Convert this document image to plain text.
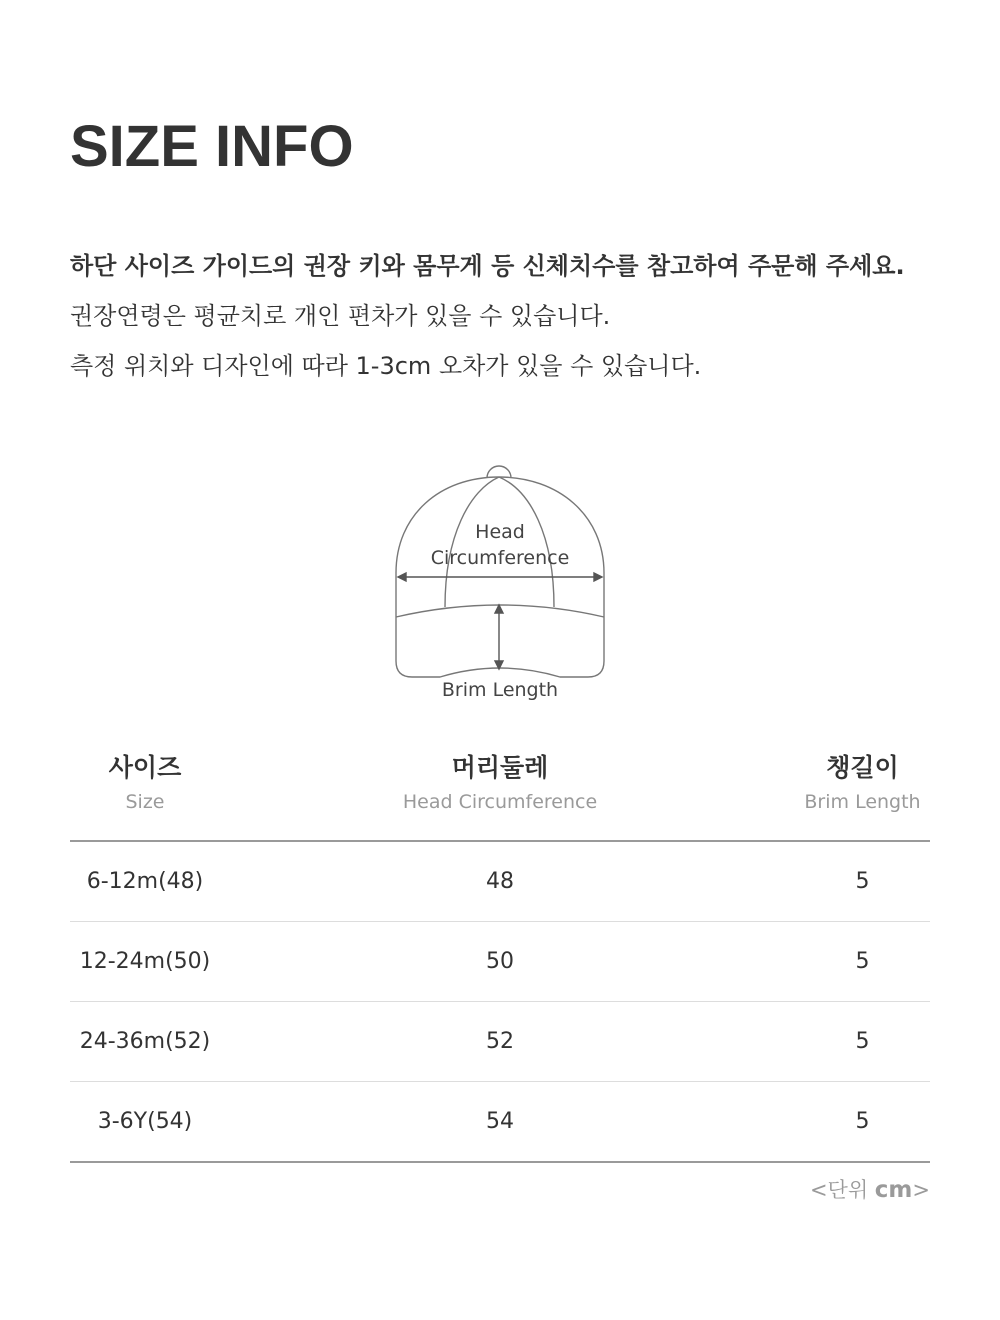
SIZE INFO
하단 사이즈 가이드의 권장 키와 몸무게 등 신체치수를 참고하여 주문해 주세요.
권장연령은 평균치로 개인 편차가 있을 수 있습니다.
측정 위치와 디자인에 따라 1-3cm 오차가 있을 수 있습니다.
Head
Circumference
Brim Length
사이즈
Size
머리둘레
Head Circumference
챙길이
Brim Length
6-12m(48)	48	5
12-24m(50)	50	5
24-36m(52)	52	5
3-6Y(54)	54	5
<단위 cm>
